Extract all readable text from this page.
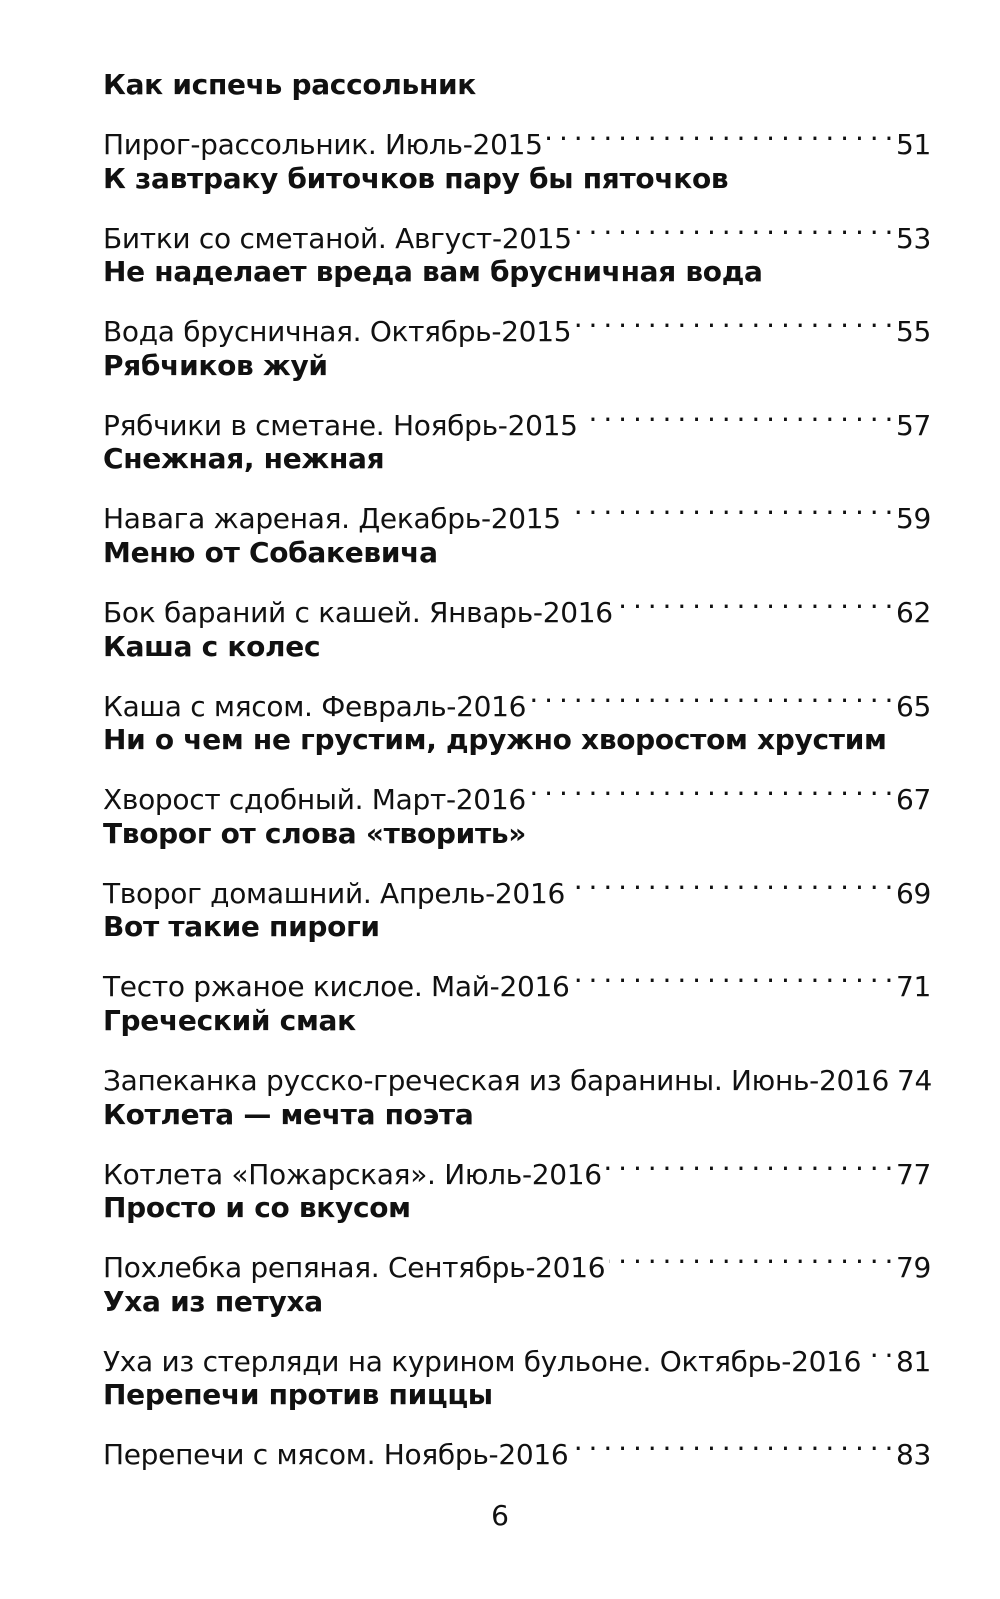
Как испечь рассольник
Пирог-рассольник. Июль-2015 . . .	51
К завтраку биточков пару бы пяточков
Битки со сметаной. Август-2015 . . .	53
Не наделает вреда вам брусничная вода
Вода брусничная. Октябрь-2015 . . .	55
Рябчиков жуй
Рябчики в сметане. Ноябрь-2015 . . .	57
Снежная, нежная
Навага жареная. Декабрь-2015 . . .	59
Меню от Собакевича
Бок бараний с кашей. Январь-2016 . . .	62
Каша с колес
Каша с мясом. Февраль-2016 . . .	65
Ни о чем не грустим, дружно хворостом хрустим
Хворост сдобный. Март-2016 . . .	67
Творог от слова «творить»
Творог домашний. Апрель-2016 . . .	69
Вот такие пироги
Тесто ржаное кислое. Май-2016 . . .	71
Греческий смак
Запеканка русско-греческая из баранины. Июнь-2016 74
Котлета — мечта поэта
Котлета «Пожарская». Июль-2016 . . .	77
Просто и со вкусом
Похлебка репяная. Сентябрь-2016 . . .	79
Уха из петуха
Уха из стерляди на курином бульоне. Октябрь-2016 . . . 81
Перепечи против пиццы
Перепечи с мясом. Ноябрь-2016 . . .	83
6
